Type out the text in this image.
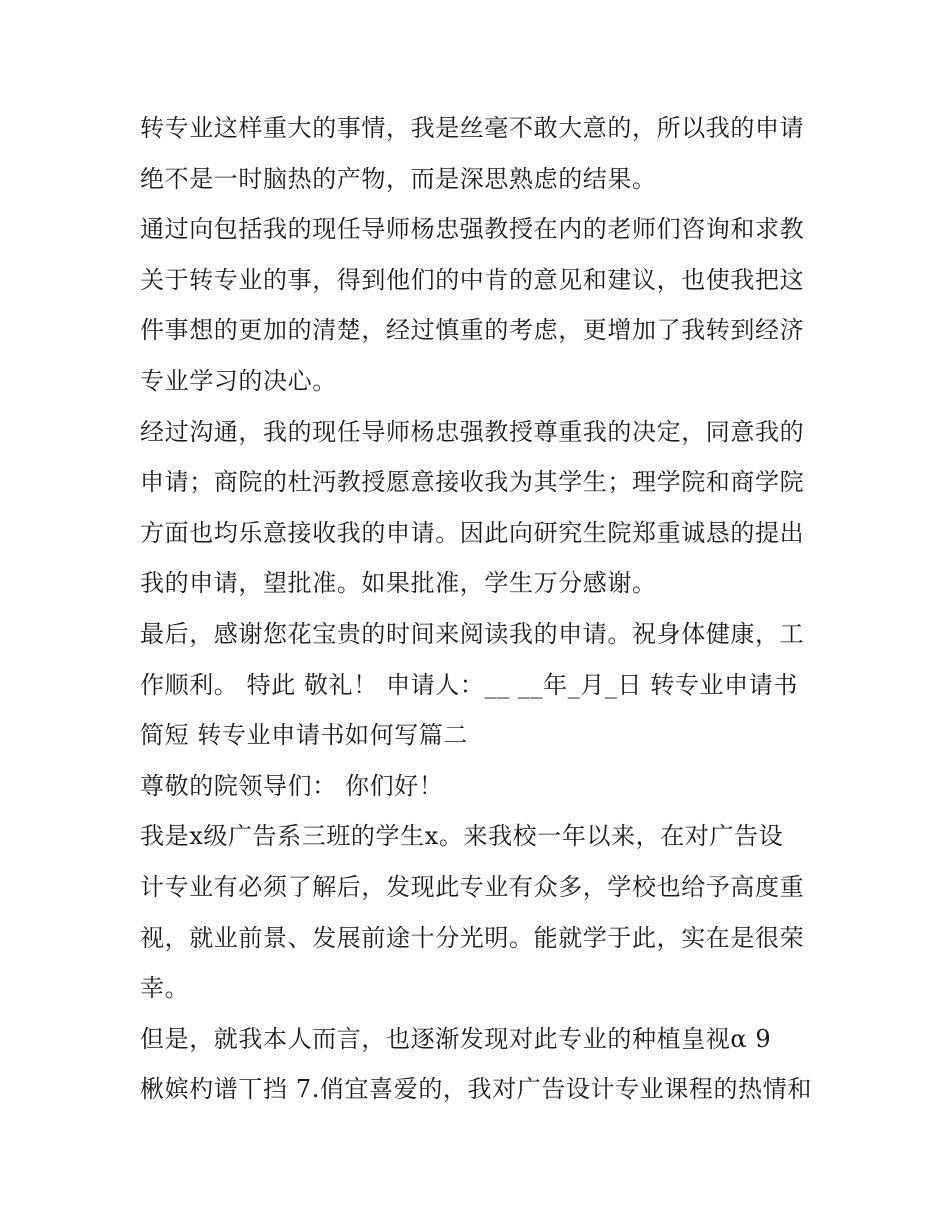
转专业这样重大的事情，我是丝毫不敢大意的，所以我的申请
绝不是一时脑热的产物，而是深思熟虑的结果。
通过向包括我的现任导师杨忠强教授在内的老师们咨询和求教
关于转专业的事，得到他们的中肯的意见和建议，也使我把这
件事想的更加的清楚，经过慎重的考虑，更增加了我转到经济
专业学习的决心。
经过沟通，我的现任导师杨忠强教授尊重我的决定，同意我的
申请；商院的杜沔教授愿意接收我为其学生；理学院和商学院
方面也均乐意接收我的申请。因此向研究生院郑重诚恳的提出
我的申请，望批准。如果批准，学生万分感谢。
最后，感谢您花宝贵的时间来阅读我的申请。祝身体健康，工
作顺利。 特此 敬礼！ 申请人：__ __年_月_日 转专业申请书
简短 转专业申请书如何写篇二
尊敬的院领导们： 你们好！
我是x级广告系三班的学生x。来我校一年以来，在对广告设
计专业有必须了解后，发现此专业有众多，学校也给予高度重
视，就业前景、发展前途十分光明。能就学于此，实在是很荣
幸。
但是，就我本人而言，也逐渐发现对此专业的种植皇视α 9
楸嫔杓谱丅挡 7.俏宜喜爱的，我对广告设计专业课程的热情和
